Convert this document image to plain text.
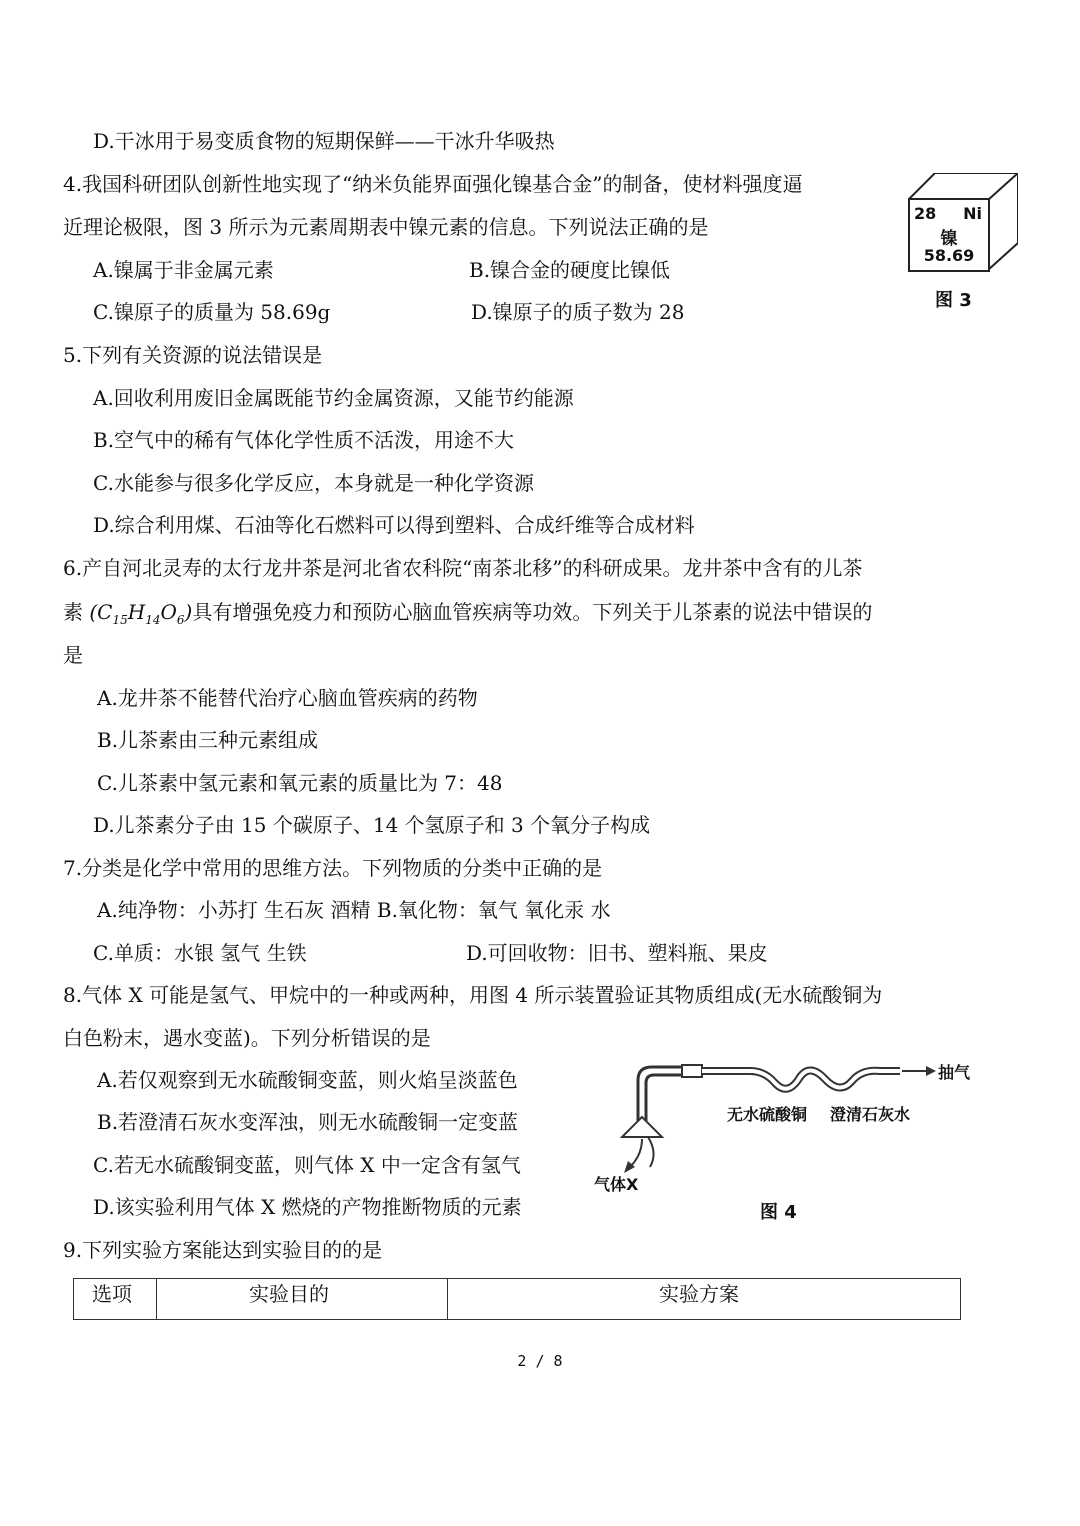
D.干冰用于易变质食物的短期保鲜——干冰升华吸热
4.我国科研团队创新性地实现了“纳米负能界面强化镍基合金”的制备，使材料强度逼
近理论极限，图 3 所示为元素周期表中镍元素的信息。下列说法正确的是
A.镍属于非金属元素	B.镍合金的硬度比镍低
C.镍原子的质量为 58.69g	D.镍原子的质子数为 28
5.下列有关资源的说法错误是
A.回收利用废旧金属既能节约金属资源，又能节约能源
B.空气中的稀有气体化学性质不活泼，用途不大
C.水能参与很多化学反应，本身就是一种化学资源
D.综合利用煤、石油等化石燃料可以得到塑料、合成纤维等合成材料
6.产自河北灵寿的太行龙井茶是河北省农科院“南茶北移”的科研成果。龙井茶中含有的儿茶
素 $(C_{15}H_{14}O_6)$具有增强免疫力和预防心脑血管疾病等功效。下列关于儿茶素的说法中错误的
是
A.龙井茶不能替代治疗心脑血管疾病的药物
B.儿茶素由三种元素组成
C.儿茶素中氢元素和氧元素的质量比为 7：48
D.儿茶素分子由 15 个碳原子、14 个氢原子和 3 个氧分子构成
7.分类是化学中常用的思维方法。下列物质的分类中正确的是
A.纯净物：小苏打 生石灰 酒精 B.氧化物：氧气 氧化汞 水
C.单质：水银 氢气 生铁	D.可回收物：旧书、塑料瓶、果皮
8.气体 X 可能是氢气、甲烷中的一种或两种，用图 4 所示装置验证其物质组成(无水硫酸铜为
白色粉末，遇水变蓝)。下列分析错误的是
A.若仅观察到无水硫酸铜变蓝，则火焰呈淡蓝色
B.若澄清石灰水变浑浊，则无水硫酸铜一定变蓝
C.若无水硫酸铜变蓝，则气体 X 中一定含有氢气
D.该实验利用气体 X 燃烧的产物推断物质的元素
9.下列实验方案能达到实验目的的是
28 Ni
镍
58.69
图 3
无水硫酸铜 澄清石灰水
抽气
气体X
图 4
选项	实验目的	实验方案
2 / 8
